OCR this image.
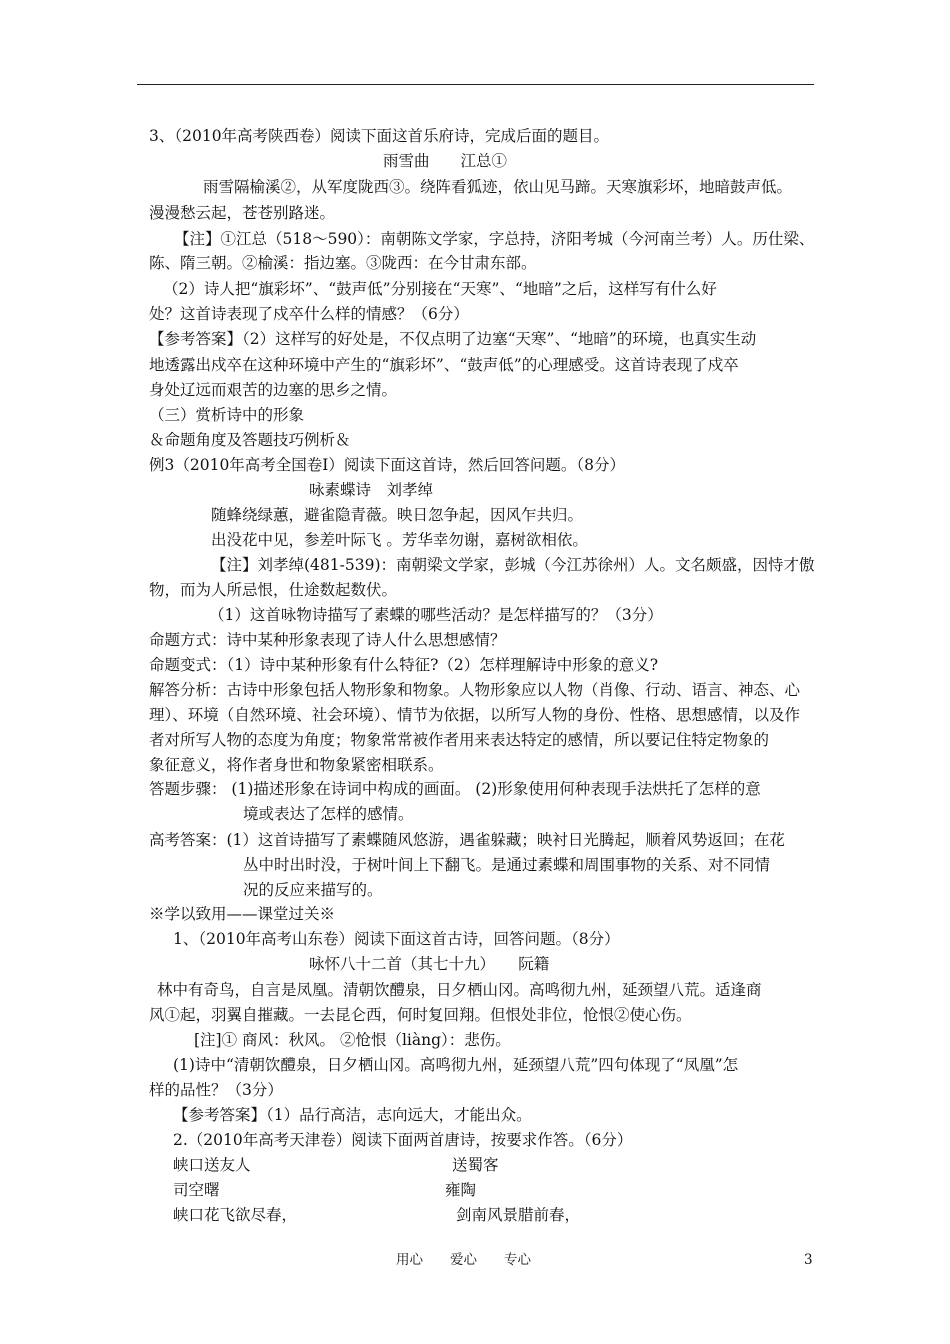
3、（2010年高考陕西卷）阅读下面这首乐府诗，完成后面的题目。
雨雪曲　　江总①
雨雪隔榆溪②，从军度陇西③。绕阵看狐迹，依山见马蹄。天寒旗彩坏，地暗鼓声低。
漫漫愁云起，苍苍别路迷。
【注】①江总（518～590）：南朝陈文学家，字总持，济阳考城（今河南兰考）人。历仕梁、
陈、隋三朝。②榆溪：指边塞。③陇西：在今甘肃东部。
（2）诗人把“旗彩坏”、“鼓声低”分别接在“天寒”、“地暗”之后，这样写有什么好
处？这首诗表现了戍卒什么样的情感？（6分）
【参考答案】（2）这样写的好处是，不仅点明了边塞“天寒”、“地暗”的环境，也真实生动
地透露出戍卒在这种环境中产生的“旗彩坏”、“鼓声低”的心理感受。这首诗表现了戍卒
身处辽远而艰苦的边塞的思乡之情。
（三）赏析诗中的形象
＆命题角度及答题技巧例析＆
例3（2010年高考全国卷Ⅰ）阅读下面这首诗，然后回答问题。（8分）
咏素蝶诗　刘孝绰
随蜂绕绿蕙，避雀隐青薇。映日忽争起，因风乍共归。
出没花中见，参差叶际飞 。芳华幸勿谢，嘉树欲相依。
【注】刘孝绰(481-539)：南朝梁文学家，彭城（今江苏徐州）人。文名颇盛，因恃才傲
物，而为人所忌恨，仕途数起数伏。
（1）这首咏物诗描写了素蝶的哪些活动？是怎样描写的？（3分）
命题方式：诗中某种形象表现了诗人什么思想感情？
命题变式：（1）诗中某种形象有什么特征?（2）怎样理解诗中形象的意义?
解答分析：古诗中形象包括人物形象和物象。人物形象应以人物（肖像、行动、语言、神态、心
理）、环境（自然环境、社会环境）、情节为依据，以所写人物的身份、性格、思想感情，以及作
者对所写人物的态度为角度；物象常常被作者用来表达特定的感情，所以要记住特定物象的
象征意义，将作者身世和物象紧密相联系。
答题步骤： (1)描述形象在诗词中构成的画面。 (2)形象使用何种表现手法烘托了怎样的意
境或表达了怎样的感情。
高考答案：(1）这首诗描写了素蝶随风悠游，遇雀躲藏；映衬日光腾起，顺着风势返回；在花
丛中时出时没，于树叶间上下翻飞。是通过素蝶和周围事物的关系、对不同情
况的反应来描写的。
※学以致用——课堂过关※
1、（2010年高考山东卷）阅读下面这首古诗，回答问题。（8分）
咏怀八十二首（其七十九）　　阮籍
林中有奇鸟，自言是凤凰。清朝饮醴泉，日夕栖山冈。高鸣彻九州，延颈望八荒。适逢商
风①起，羽翼自摧藏。一去昆仑西，何时复回翔。但恨处非位，怆恨②使心伤。
[注]① 商风：秋风。 ②怆恨（liàng）：悲伤。
(1)诗中“清朝饮醴泉，日夕栖山冈。高鸣彻九州，延颈望八荒”四句体现了“凤凰”怎
样的品性？（3分）
【参考答案】（1）品行高洁，志向远大，才能出众。
2.（2010年高考天津卷）阅读下面两首唐诗，按要求作答。（6分）
峡口送友人	送蜀客
司空曙	雍陶
峡口花飞欲尽春，	剑南风景腊前春，
用心　　爱心　　专心	3
